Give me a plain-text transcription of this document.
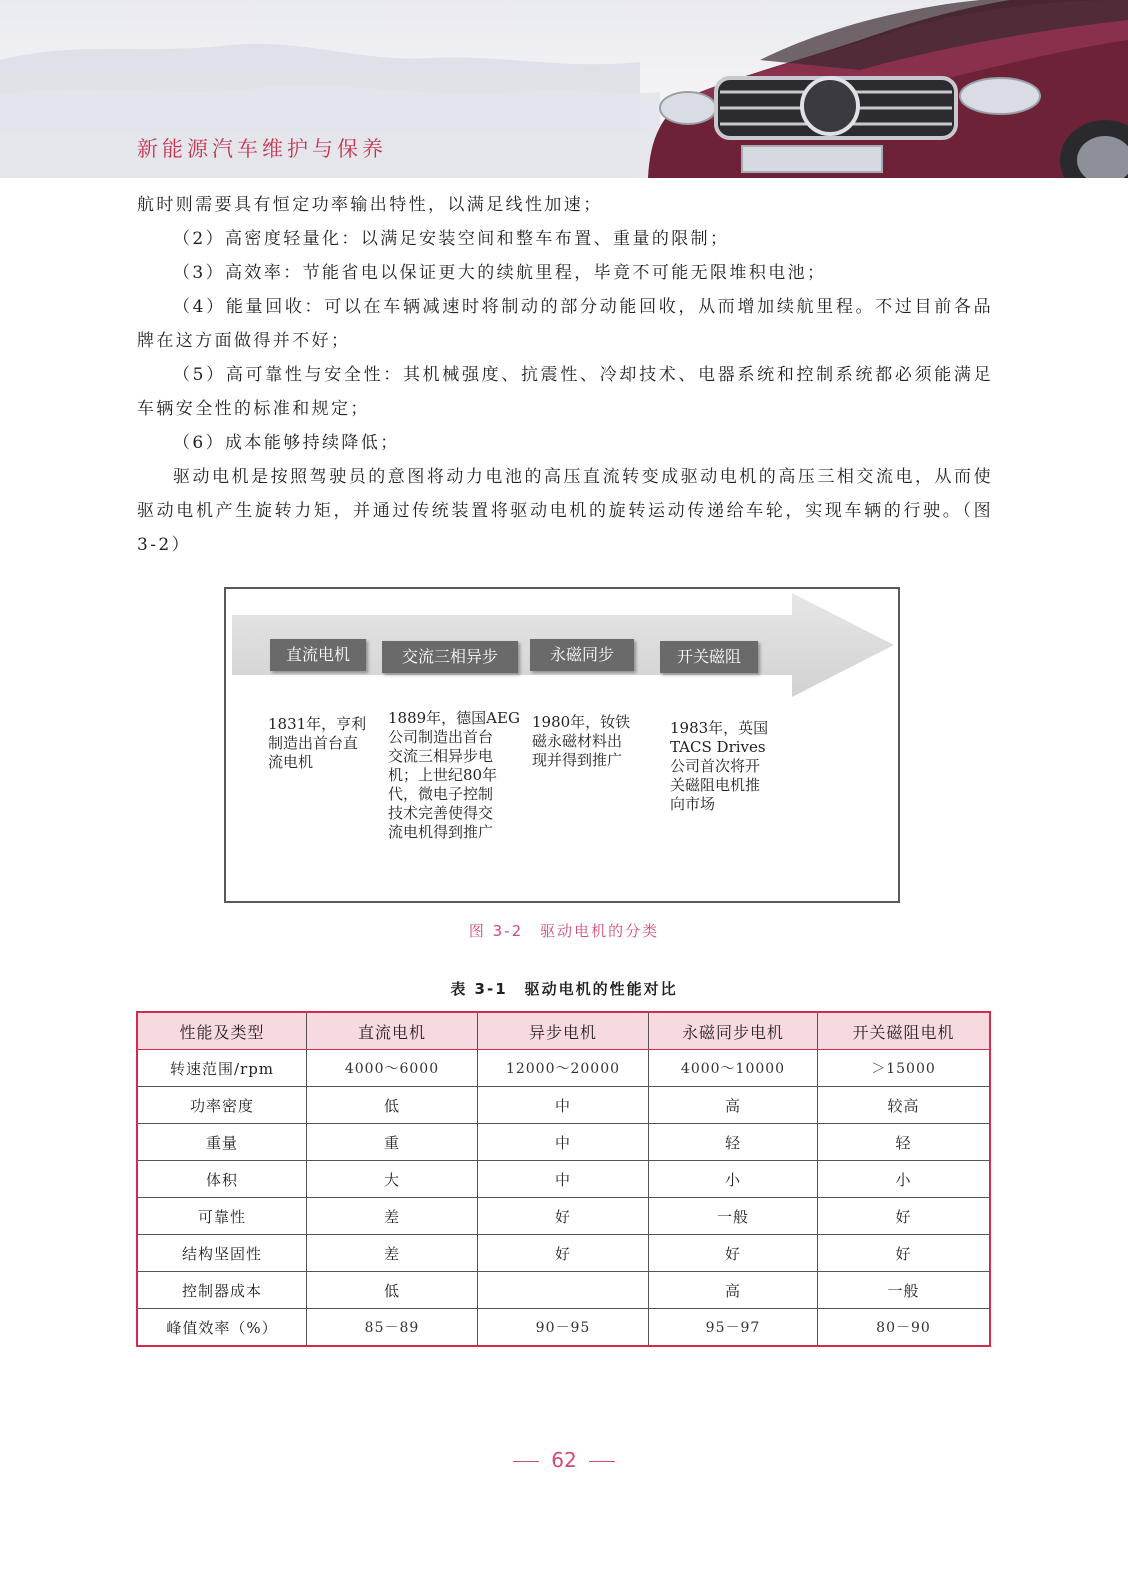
新能源汽车维护与保养

航时则需要具有恒定功率输出特性，以满足线性加速；

（2）高密度轻量化：以满足安装空间和整车布置、重量的限制；

（3）高效率：节能省电以保证更大的续航里程，毕竟不可能无限堆积电池；

（4）能量回收：可以在车辆减速时将制动的部分动能回收，从而增加续航里程。不过目前各品牌在这方面做得并不好；

（5）高可靠性与安全性：其机械强度、抗震性、冷却技术、电器系统和控制系统都必须能满足车辆安全性的标准和规定；

（6）成本能够持续降低；

驱动电机是按照驾驶员的意图将动力电池的高压直流转变成驱动电机的高压三相交流电，从而使驱动电机产生旋转力矩，并通过传统装置将驱动电机的旋转运动传递给车轮，实现车辆的行驶。（图 3-2）

直流电机	交流三相异步	永磁同步	开关磁阻
1831年，亨利
制造出首台直
流电机
1889年，德国AEG
公司制造出首台
交流三相异步电
机；上世纪80年
代，微电子控制
技术完善使得交
流电机得到推广
1980年，钕铁
磁永磁材料出
现并得到推广
1983年，英国
TACS Drives
公司首次将开
关磁阻电机推
向市场
图 3-2　驱动电机的分类
表 3-1　驱动电机的性能对比
性能及类型	直流电机	异步电机	永磁同步电机	开关磁阻电机
转速范围/rpm	4000～6000	12000～20000	4000～10000	＞15000
功率密度	低	中	高	较高
重量	重	中	轻	轻
体积	大	中	小	小
可靠性	差	好	一般	好
结构坚固性	差	好	好	好
控制器成本	低		高	一般
峰值效率（%）	85－89	90－95	95－97	80－90
62
